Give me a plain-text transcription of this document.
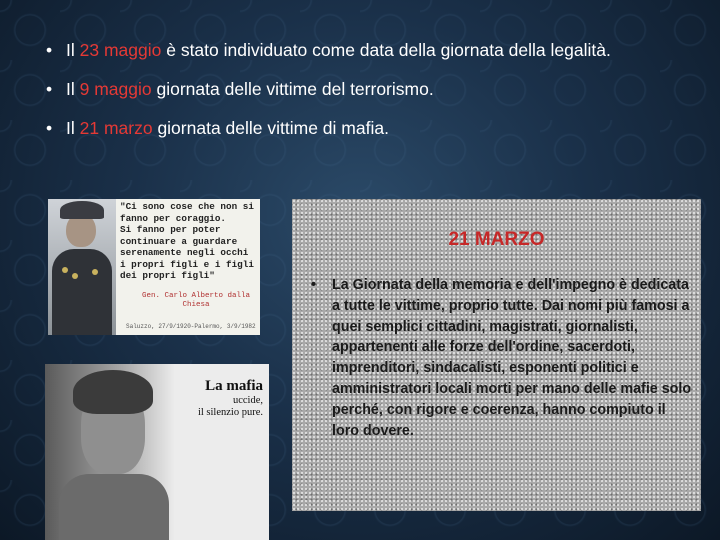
• Il 23 maggio è stato individuato come data della giornata della legalità.
• Il 9 maggio giornata delle vittime del terrorismo.
• Il 21 marzo giornata delle vittime di mafia.
"Ci sono cose che non si
fanno per coraggio.
Si fanno per poter
continuare a guardare
serenamente negli occhi
i propri figli e i figli
dei propri figli"
Gen. Carlo Alberto dalla
Chiesa
Saluzzo, 27/9/1920-Palermo, 3/9/1982
La mafia
uccide,
il silenzio pure.
21 MARZO
•	La Giornata della memoria e dell'impegno è dedicata a tutte le vittime, proprio tutte. Dai nomi più famosi a quei semplici cittadini, magistrati, giornalisti, appartenenti alle forze dell'ordine, sacerdoti, imprenditori, sindacalisti, esponenti politici e amministratori locali morti per mano delle mafie solo perché, con rigore e coerenza, hanno compiuto il loro dovere.
